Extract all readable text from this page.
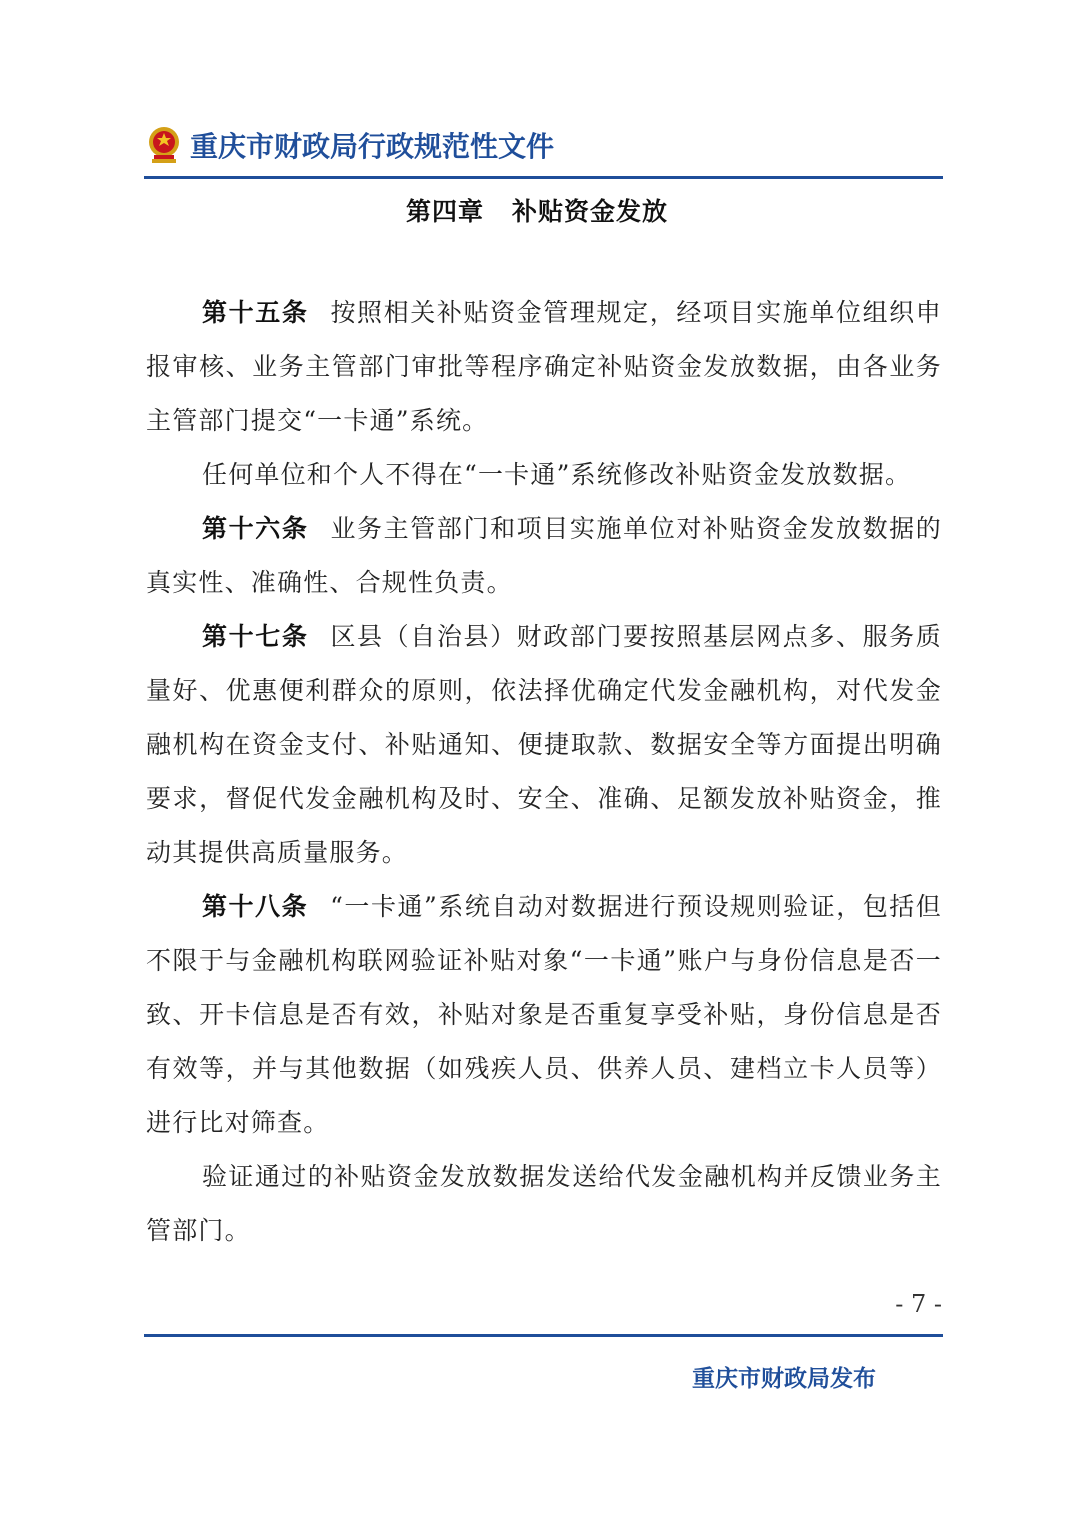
重庆市财政局行政规范性文件
第四章 补贴资金发放

第十五条 按照相关补贴资金管理规定，经项目实施单位组织申报审核、业务主管部门审批等程序确定补贴资金发放数据，由各业务主管部门提交“一卡通”系统。

任何单位和个人不得在“一卡通”系统修改补贴资金发放数据。

第十六条 业务主管部门和项目实施单位对补贴资金发放数据的真实性、准确性、合规性负责。

第十七条 区县（自治县）财政部门要按照基层网点多、服务质量好、优惠便利群众的原则，依法择优确定代发金融机构，对代发金融机构在资金支付、补贴通知、便捷取款、数据安全等方面提出明确要求，督促代发金融机构及时、安全、准确、足额发放补贴资金，推动其提供高质量服务。

第十八条 “一卡通”系统自动对数据进行预设规则验证，包括但不限于与金融机构联网验证补贴对象“一卡通”账户与身份信息是否一致、开卡信息是否有效，补贴对象是否重复享受补贴，身份信息是否有效等，并与其他数据（如残疾人员、供养人员、建档立卡人员等）进行比对筛查。

验证通过的补贴资金发放数据发送给代发金融机构并反馈业务主管部门。

- 7 -
重庆市财政局发布
